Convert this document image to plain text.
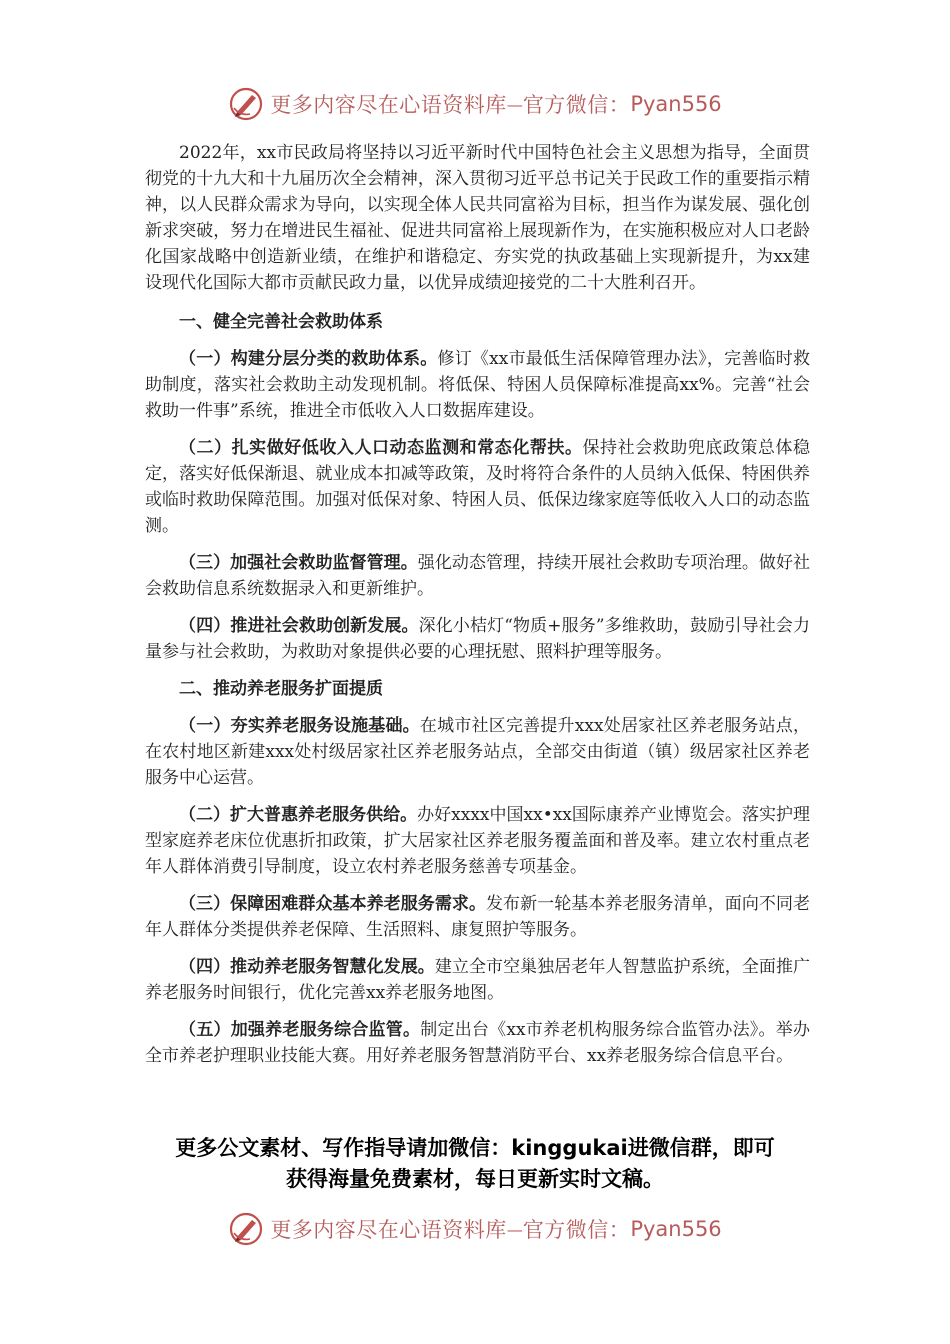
更多内容尽在心语资料库 — 官方微信： Pyan556

2022年，xx市民政局将坚持以习近平新时代中国特色社会主义思想为指导，全面贯彻党的十九大和十九届历次全会精神，深入贯彻习近平总书记关于民政工作的重要指示精神，以人民群众需求为导向，以实现全体人民共同富裕为目标，担当作为谋发展、强化创新求突破，努力在增进民生福祉、促进共同富裕上展现新作为，在实施积极应对人口老龄化国家战略中创造新业绩，在维护和谐稳定、夯实党的执政基础上实现新提升，为xx建设现代化国际大都市贡献民政力量，以优异成绩迎接党的二十大胜利召开。

一、健全完善社会救助体系

（一）构建分层分类的救助体系。修订《xx市最低生活保障管理办法》，完善临时救助制度，落实社会救助主动发现机制。将低保、特困人员保障标准提高xx%。完善“社会救助一件事”系统，推进全市低收入人口数据库建设。

（二）扎实做好低收入人口动态监测和常态化帮扶。保持社会救助兜底政策总体稳定，落实好低保渐退、就业成本扣减等政策，及时将符合条件的人员纳入低保、特困供养或临时救助保障范围。加强对低保对象、特困人员、低保边缘家庭等低收入人口的动态监测。

（三）加强社会救助监督管理。强化动态管理，持续开展社会救助专项治理。做好社会救助信息系统数据录入和更新维护。

（四）推进社会救助创新发展。深化小桔灯“物质+服务”多维救助，鼓励引导社会力量参与社会救助，为救助对象提供必要的心理抚慰、照料护理等服务。

二、推动养老服务扩面提质

（一）夯实养老服务设施基础。在城市社区完善提升xxx处居家社区养老服务站点，在农村地区新建xxx处村级居家社区养老服务站点，全部交由街道（镇）级居家社区养老服务中心运营。

（二）扩大普惠养老服务供给。办好xxxx中国xx•xx国际康养产业博览会。落实护理型家庭养老床位优惠折扣政策，扩大居家社区养老服务覆盖面和普及率。建立农村重点老年人群体消费引导制度，设立农村养老服务慈善专项基金。

（三）保障困难群众基本养老服务需求。发布新一轮基本养老服务清单，面向不同老年人群体分类提供养老保障、生活照料、康复照护等服务。

（四）推动养老服务智慧化发展。建立全市空巢独居老年人智慧监护系统，全面推广养老服务时间银行，优化完善xx养老服务地图。

（五）加强养老服务综合监管。制定出台《xx市养老机构服务综合监管办法》。举办全市养老护理职业技能大赛。用好养老服务智慧消防平台、xx养老服务综合信息平台。

更多公文素材、写作指导请加微信：kinggukai进微信群，即可
获得海量免费素材，每日更新实时文稿。
更多内容尽在心语资料库 — 官方微信： Pyan556
